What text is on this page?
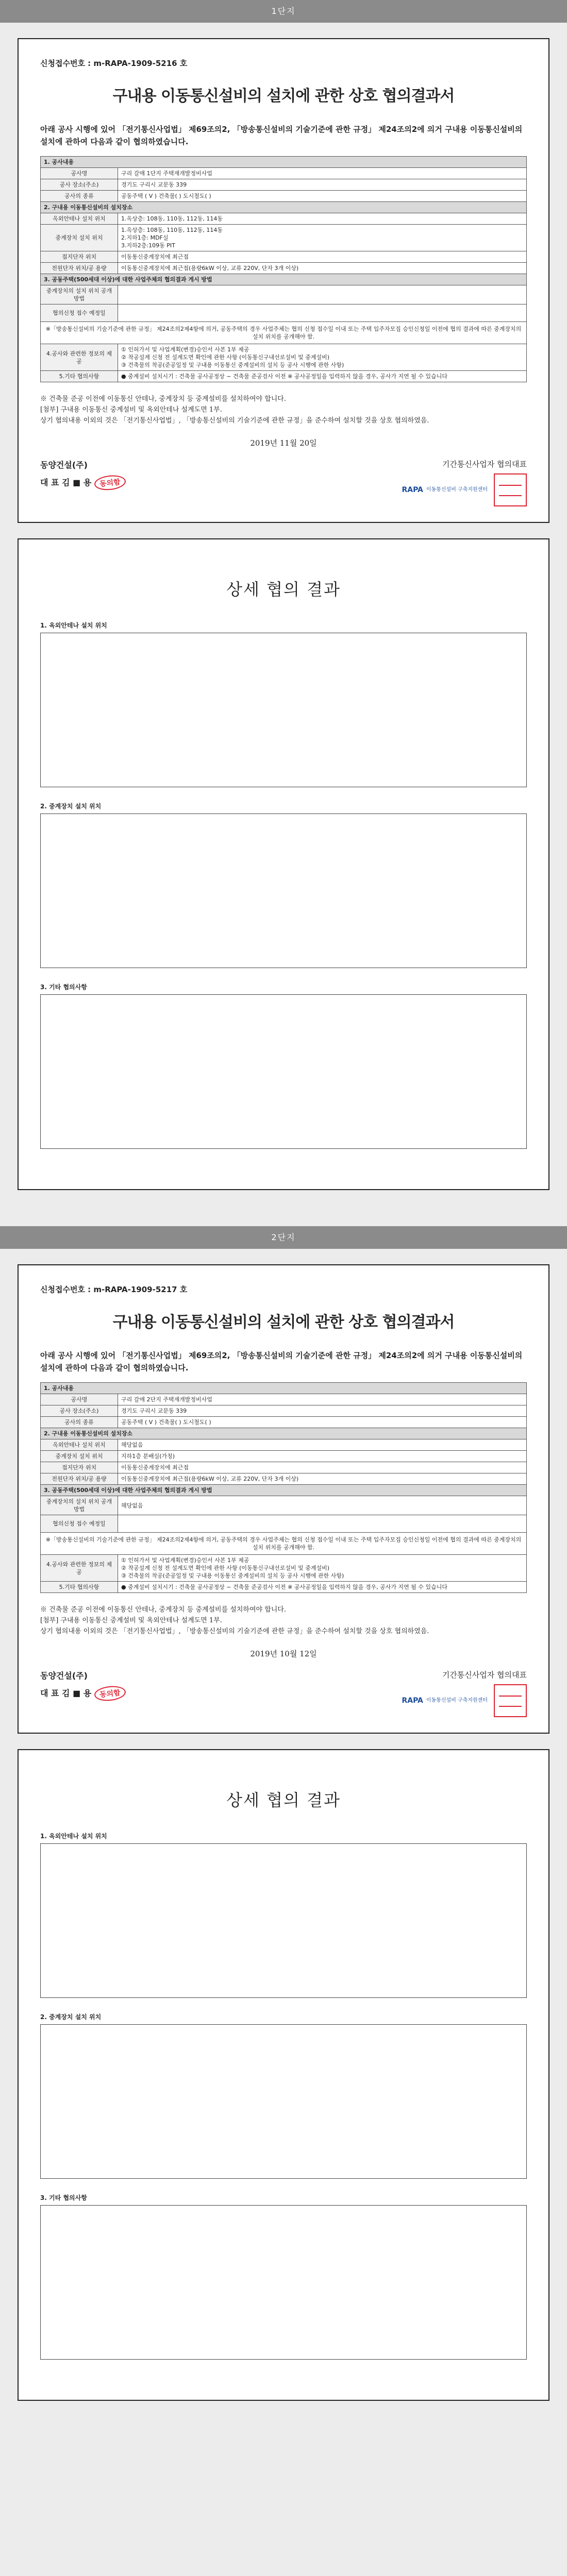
1단지
신청접수번호 : m-RAPA-1909-5216 호
구내용 이동통신설비의 설치에 관한 상호 협의결과서
아래 공사 시행에 있어 「전기통신사업법」 제69조의2, 「방송통신설비의 기술기준에 관한 규정」 제24조의2에 의거 구내용 이동통신설비의 설치에 관하여 다음과 같이 협의하였습니다.
1. 공사내용	
공사명	구리 갈매 1단지 주택재개발정비사업
공사 장소(주소)	경기도 구리시 교문동 339
공사의 종류	공동주택 ( V ) 건축물( ) 도시철도( )
2. 구내용 이동통신설비의 설치장소	
옥외안테나 설치 위치	1.옥상층: 108동, 110동, 112동, 114동
중계장치 설치 위치	1.옥상층: 108동, 110동, 112동, 114동
2.지하1층: MDF실
3.지하2층:109동 PIT
접지단자 위치	이동통신중계장치에 최근접
전원단자 위치/공 용량	이동통신중계장치에 최근접(용량6kW 이상, 교류 220V, 단자 3개 이상)
3. 공동주택(500세대 이상)에 대한 사업주체의 협의결과 게시 방법	
중계장치의 설치 위치 공개방법	
협의신청 접수 예정일	
※「방송통신설비의 기술기준에 관한 규정」 제24조의2제4항에 의거, 공동주택의 경우 사업주체는 협의 신청 접수일 이내 또는 주택 입주자모집 승인신청일 이전에 협의 결과에 따른 중계장치의 설치 위치를 공개해야 함.	
4.공사와 관련한 정보의 제공	① 인허가서 및 사업계획(변경)승인서 사본 1부 제공
② 착공설계 신청 전 설계도면 확인에 관한 사항 (이동통신구내선로설비 및 중계설비)
③ 건축물의 착공(준공일정 및 구내용 이동통신 중계설비의 설치 등 공사 시행에 관한 사항)
5.기타 협의사항	● 중계설비 설치시기 : 건축물 공사공정상 ~ 건축물 준공검사 이전 ※ 공사공정일을 입력하지 않을 경우, 공사가 지연 될 수 있습니다
※ 건축물 준공 이전에 이동통신 안테나, 중계장치 등 중계설비를 설치하여야 합니다.
[첨부] 구내용 이동통신 중계설비 및 옥외안테나 설계도면 1부.
상기 협의내용 이외의 것은 「전기통신사업법」, 「방송통신설비의 기술기준에 관한 규정」을 준수하여 설치할 것을 상호 협의하였음.
2019년 11월 20일
동양건설(주)
대 표 김 ■ 용 동의함
기간통신사업자 협의대표
RAPA 이동통신설비 구축지원센터
상세 협의 결과
1. 옥외안테나 설치 위치
2. 중계장치 설치 위치
3. 기타 협의사항
2단지
신청접수번호 : m-RAPA-1909-5217 호
구내용 이동통신설비의 설치에 관한 상호 협의결과서
아래 공사 시행에 있어 「전기통신사업법」 제69조의2, 「방송통신설비의 기술기준에 관한 규정」 제24조의2에 의거 구내용 이동통신설비의 설치에 관하여 다음과 같이 협의하였습니다.
1. 공사내용	
공사명	구리 갈매 2단지 주택재개발정비사업
공사 장소(주소)	경기도 구리시 교문동 339
공사의 종류	공동주택 ( V ) 건축물( ) 도시철도( )
2. 구내용 이동통신설비의 설치장소	
옥외안테나 설치 위치	해당없음
중계장치 설치 위치	지하1층 분배실(가칭)
접지단자 위치	이동통신중계장치에 최근접
전원단자 위치/공 용량	이동통신중계장치에 최근접(용량6kW 이상, 교류 220V, 단자 3개 이상)
3. 공동주택(500세대 이상)에 대한 사업주체의 협의결과 게시 방법	
중계장치의 설치 위치 공개방법	해당없음
협의신청 접수 예정일	
※「방송통신설비의 기술기준에 관한 규정」 제24조의2제4항에 의거, 공동주택의 경우 사업주체는 협의 신청 접수일 이내 또는 주택 입주자모집 승인신청일 이전에 협의 결과에 따른 중계장치의 설치 위치를 공개해야 함.	
4.공사와 관련한 정보의 제공	① 인허가서 및 사업계획(변경)승인서 사본 1부 제공
② 착공설계 신청 전 설계도면 확인에 관한 사항 (이동통신구내선로설비 및 중계설비)
③ 건축물의 착공(준공일정 및 구내용 이동통신 중계설비의 설치 등 공사 시행에 관한 사항)
5.기타 협의사항	● 중계설비 설치시기 : 건축물 공사공정상 ~ 건축물 준공검사 이전 ※ 공사공정일을 입력하지 않을 경우, 공사가 지연 될 수 있습니다
※ 건축물 준공 이전에 이동통신 안테나, 중계장치 등 중계설비를 설치하여야 합니다.
[첨부] 구내용 이동통신 중계설비 및 옥외안테나 설계도면 1부.
상기 협의내용 이외의 것은 「전기통신사업법」, 「방송통신설비의 기술기준에 관한 규정」을 준수하여 설치할 것을 상호 협의하였음.
2019년 10월 12일
동양건설(주)
대 표 김 ■ 용 동의함
기간통신사업자 협의대표
RAPA 이동통신설비 구축지원센터
상세 협의 결과
1. 옥외안테나 설치 위치
2. 중계장치 설치 위치
3. 기타 협의사항
